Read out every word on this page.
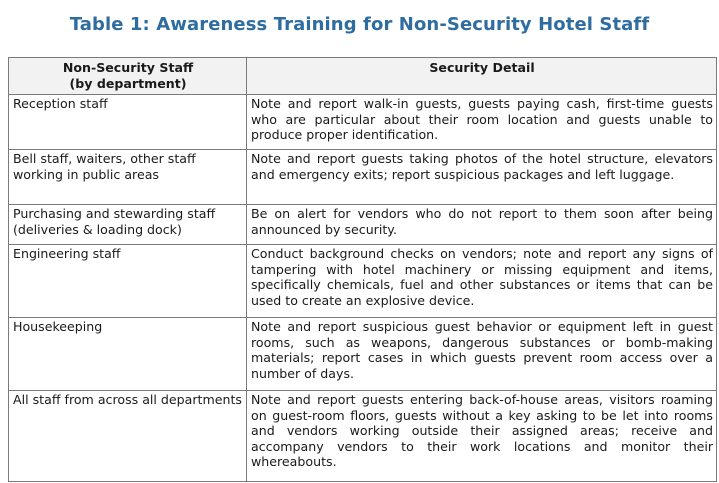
Table 1: Awareness Training for Non-Security Hotel Staff
Non-Security Staff
(by department)	Security Detail
Reception staff	Note and report walk-in guests, guests paying cash, first-time guests who are particular about their room location and guests unable to produce proper identification.
Bell staff, waiters, other staff working in public areas	Note and report guests taking photos of the hotel structure, elevators and emergency exits; report suspicious packages and left luggage.
Purchasing and stewarding staff (deliveries & loading dock)	Be on alert for vendors who do not report to them soon after being announced by security.
Engineering staff	Conduct background checks on vendors; note and report any signs of tampering with hotel machinery or missing equipment and items, specifically chemicals, fuel and other substances or items that can be used to create an explosive device.
Housekeeping	Note and report suspicious guest behavior or equipment left in guest rooms, such as weapons, dangerous substances or bomb-making materials; report cases in which guests prevent room access over a number of days.
All staff from across all departments	Note and report guests entering back-of-house areas, visitors roaming on guest-room floors, guests without a key asking to be let into rooms and vendors working outside their assigned areas; receive and accompany vendors to their work locations and monitor their whereabouts.
